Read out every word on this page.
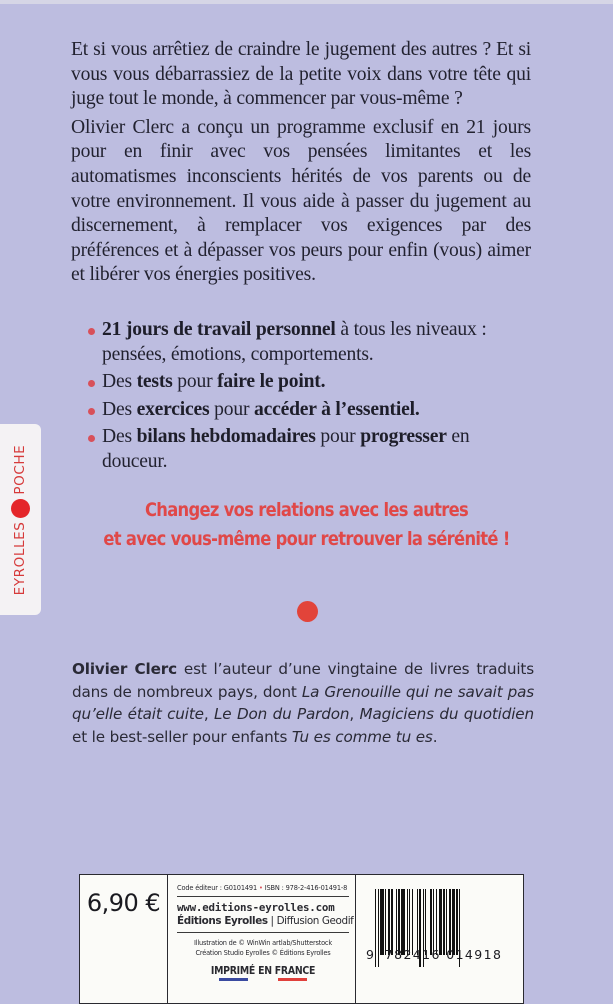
Et si vous arrêtiez de craindre le jugement des autres ? Et si vous vous débarrassiez de la petite voix dans votre tête qui juge tout le monde, à commencer par vous-même ?

Olivier Clerc a conçu un programme exclusif en 21 jours pour en finir avec vos pensées limitantes et les automatismes inconscients hérités de vos parents ou de votre environnement. Il vous aide à passer du jugement au discernement, à remplacer vos exigences par des préférences et à dépasser vos peurs pour enfin (vous) aimer et libérer vos énergies positives.

21 jours de travail personnel à tous les niveaux : pensées, émotions, comportements.
Des tests pour faire le point.
Des exercices pour accéder à l’essentiel.
Des bilans hebdomadaires pour progresser en douceur.
Changez vos relations avec les autres
et avec vous-même pour retrouver la sérénité !
EYROLLES
POCHE

Olivier Clerc est l’auteur d’une vingtaine de livres traduits dans de nombreux pays, dont La Grenouille qui ne savait pas qu’elle était cuite, Le Don du Pardon, Magiciens du quotidien et le best-seller pour enfants Tu es comme tu es.

6,90 €
Code éditeur : G0101491 • ISBN : 978-2-416-01491-8
www.editions-eyrolles.com
Éditions Eyrolles | Diffusion Geodif
Illustration de © WinWin artlab/Shutterstock
Création Studio Eyrolles © Éditions Eyrolles
IMPRIMÉ EN FRANCE
9 782416 014918
